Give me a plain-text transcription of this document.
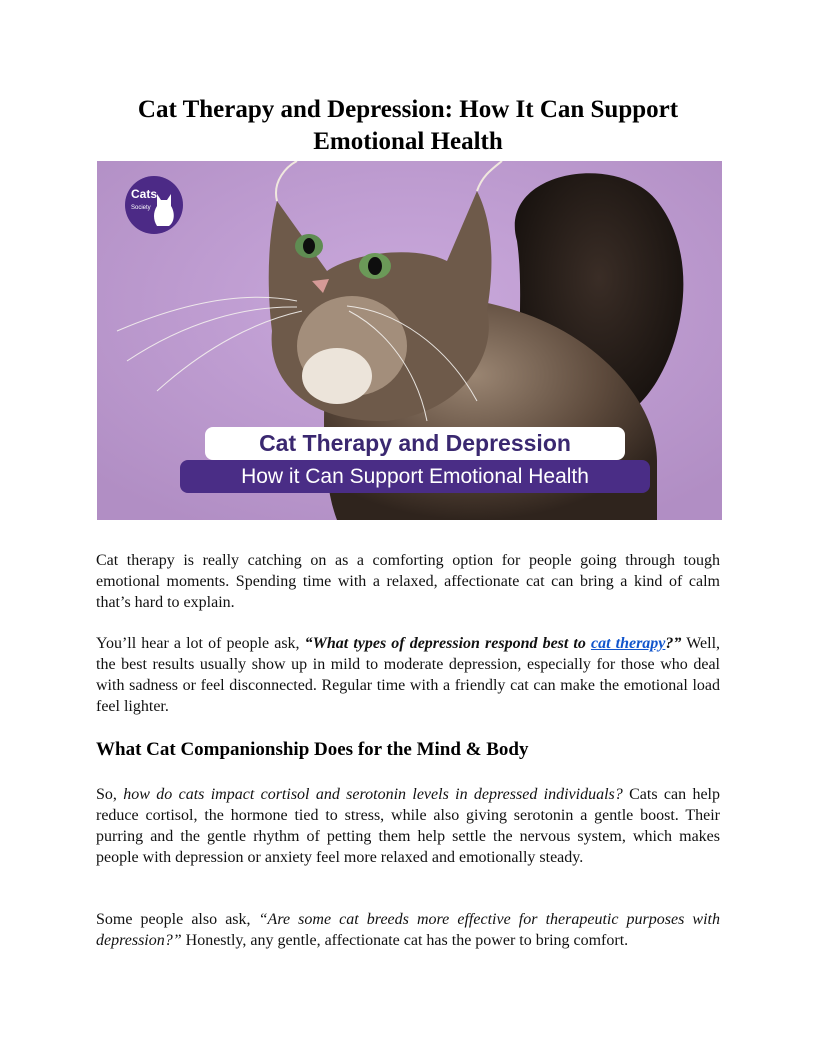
Cat Therapy and Depression: How It Can Support Emotional Health
Cats
Society
Cat Therapy and Depression
How it Can Support Emotional Health

Cat therapy is really catching on as a comforting option for people going through tough emotional moments. Spending time with a relaxed, affectionate cat can bring a kind of calm that’s hard to explain.

You’ll hear a lot of people ask, “What types of depression respond best to cat therapy?” Well, the best results usually show up in mild to moderate depression, especially for those who deal with sadness or feel disconnected. Regular time with a friendly cat can make the emotional load feel lighter.

What Cat Companionship Does for the Mind & Body

So, how do cats impact cortisol and serotonin levels in depressed individuals? Cats can help reduce cortisol, the hormone tied to stress, while also giving serotonin a gentle boost. Their purring and the gentle rhythm of petting them help settle the nervous system, which makes people with depression or anxiety feel more relaxed and emotionally steady.

Some people also ask, “Are some cat breeds more effective for therapeutic purposes with depression?” Honestly, any gentle, affectionate cat has the power to bring comfort.
